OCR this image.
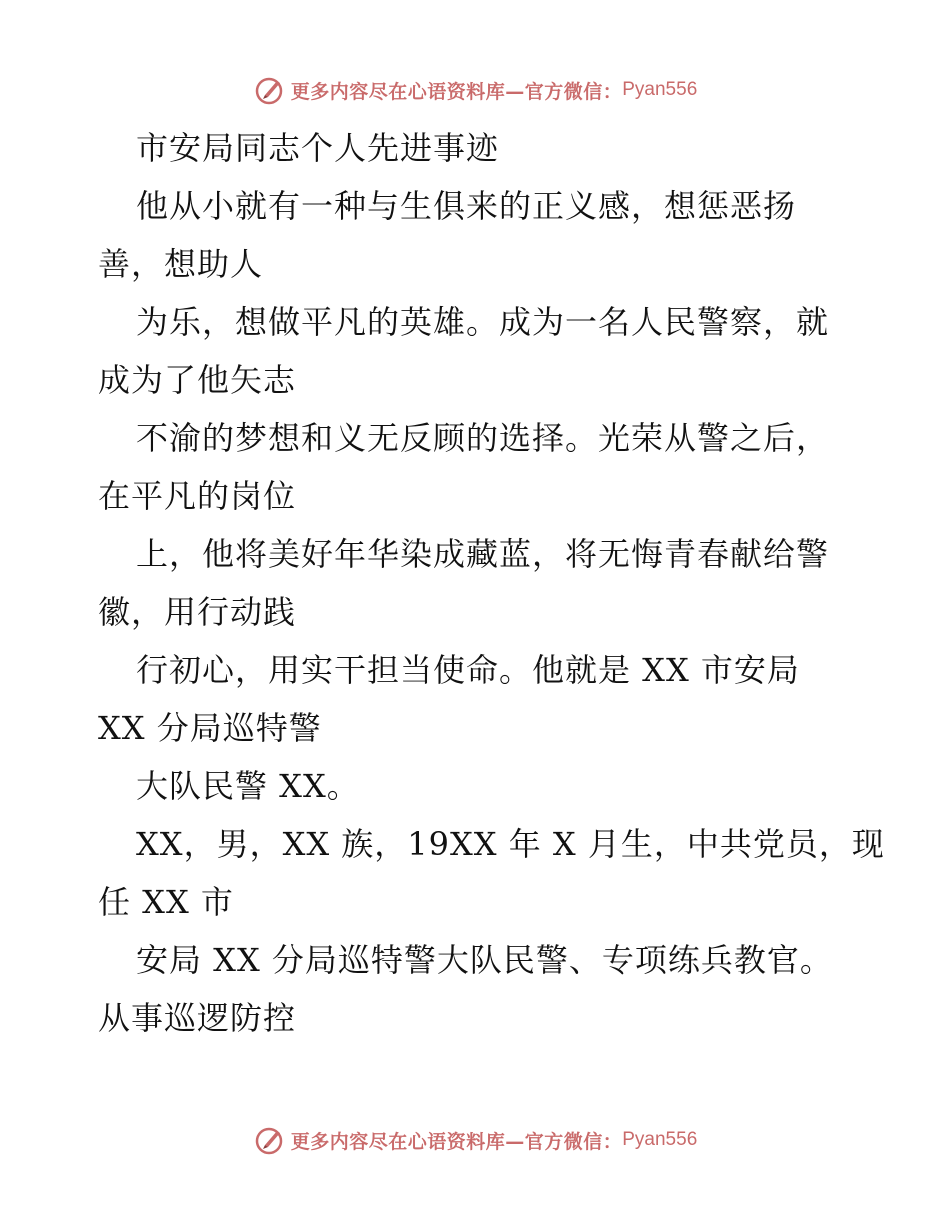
更多内容尽在心语资料库—官方微信： Pyan556
市安局同志个人先进事迹
他从小就有一种与生俱来的正义感，想惩恶扬
善，想助人
为乐，想做平凡的英雄。成为一名人民警察，就
成为了他矢志
不渝的梦想和义无反顾的选择。光荣从警之后，
在平凡的岗位
上，他将美好年华染成藏蓝，将无悔青春献给警
徽，用行动践
行初心，用实干担当使命。他就是 XX 市安局
XX 分局巡特警
大队民警 XX。
XX，男，XX 族，19XX 年 X 月生，中共党员，现
任 XX 市
安局 XX 分局巡特警大队民警、专项练兵教官。
从事巡逻防控
更多内容尽在心语资料库—官方微信： Pyan556
